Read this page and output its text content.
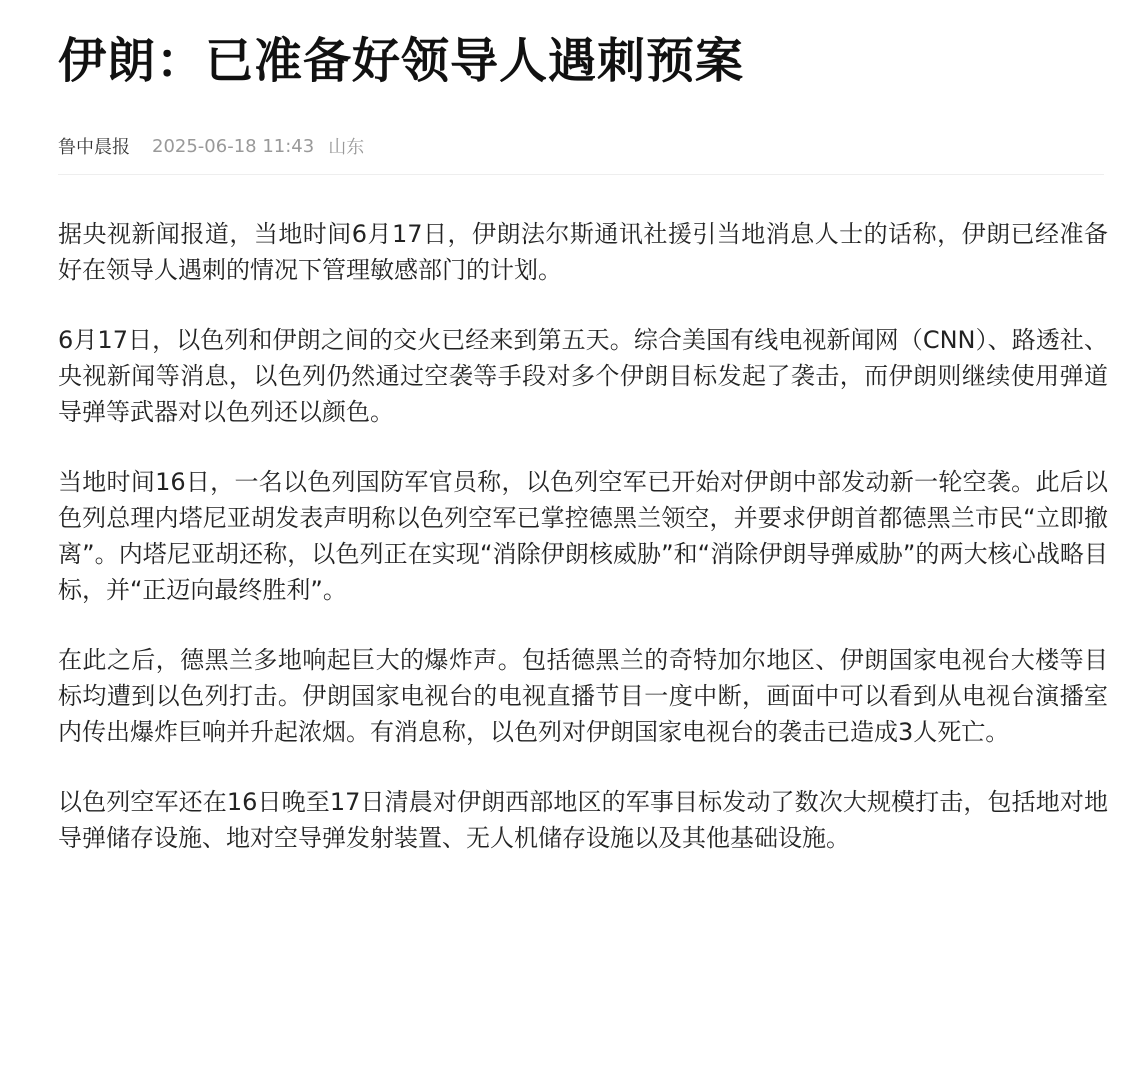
伊朗：已准备好领导人遇刺预案
鲁中晨报 2025-06-18 11:43 山东

据央视新闻报道，当地时间6月17日，伊朗法尔斯通讯社援引当地消息人士的话称，伊朗已经准备好在领导人遇刺的情况下管理敏感部门的计划。

6月17日，以色列和伊朗之间的交火已经来到第五天。综合美国有线电视新闻网（CNN）、路透社、央视新闻等消息，以色列仍然通过空袭等手段对多个伊朗目标发起了袭击，而伊朗则继续使用弹道导弹等武器对以色列还以颜色。

当地时间16日，一名以色列国防军官员称，以色列空军已开始对伊朗中部发动新一轮空袭。此后以色列总理内塔尼亚胡发表声明称以色列空军已掌控德黑兰领空，并要求伊朗首都德黑兰市民“立即撤离”。内塔尼亚胡还称，以色列正在实现“消除伊朗核威胁”和“消除伊朗导弹威胁”的两大核心战略目标，并“正迈向最终胜利”。

在此之后，德黑兰多地响起巨大的爆炸声。包括德黑兰的奇特加尔地区、伊朗国家电视台大楼等目标均遭到以色列打击。伊朗国家电视台的电视直播节目一度中断，画面中可以看到从电视台演播室内传出爆炸巨响并升起浓烟。有消息称，以色列对伊朗国家电视台的袭击已造成3人死亡。

以色列空军还在16日晚至17日清晨对伊朗西部地区的军事目标发动了数次大规模打击，包括地对地导弹储存设施、地对空导弹发射装置、无人机储存设施以及其他基础设施。
